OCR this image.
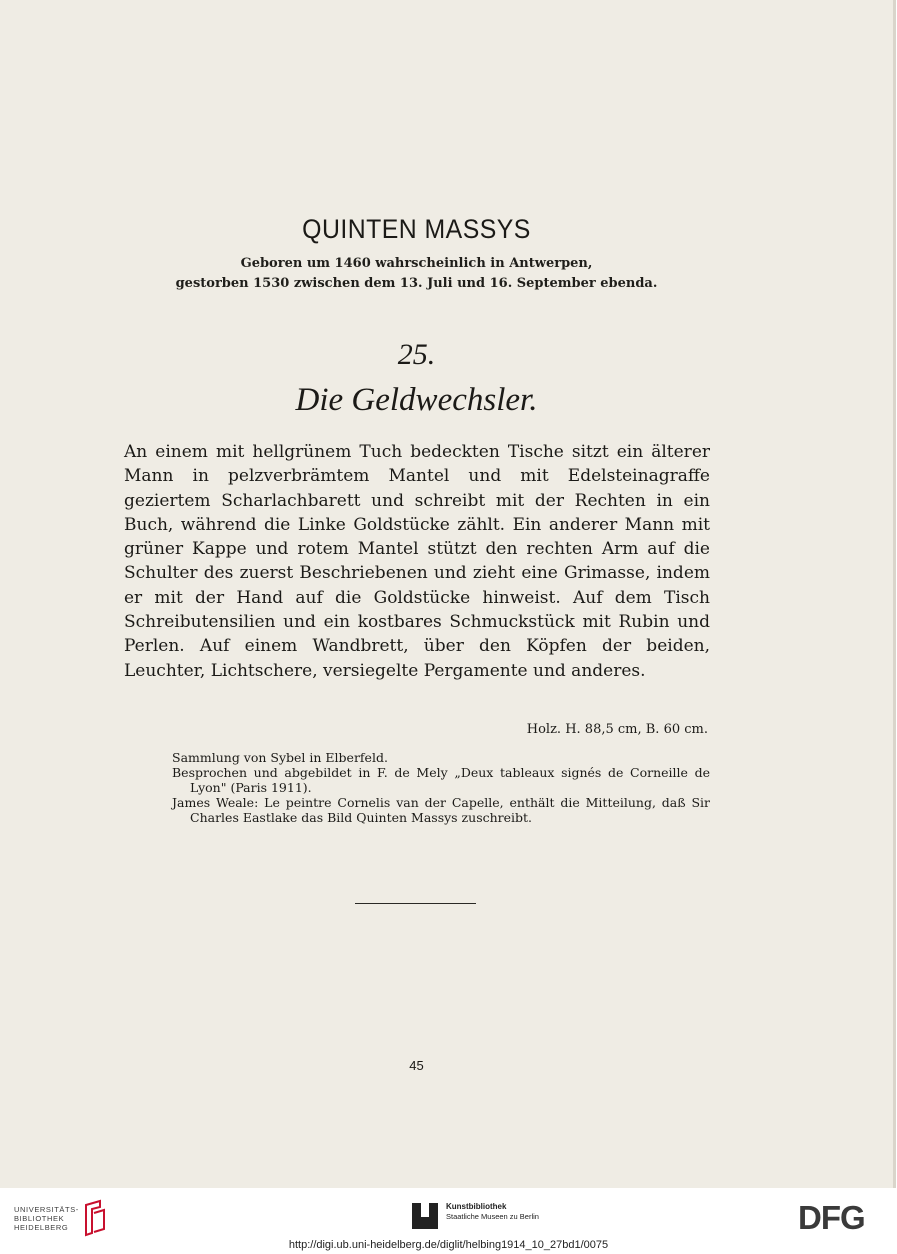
QUINTEN MASSYS
Geboren um 1460 wahrscheinlich in Antwerpen,
gestorben 1530 zwischen dem 13. Juli und 16. September ebenda.
25.
Die Geldwechsler.

An einem mit hellgrünem Tuch bedeckten Tische sitzt ein älterer Mann in pelzverbrämtem Mantel und mit Edelsteinagraffe geziertem Scharlachbarett und schreibt mit der Rechten in ein Buch, während die Linke Goldstücke zählt. Ein anderer Mann mit grüner Kappe und rotem Mantel stützt den rechten Arm auf die Schulter des zuerst Beschriebenen und zieht eine Grimasse, indem er mit der Hand auf die Goldstücke hinweist. Auf dem Tisch Schreibutensilien und ein kostbares Schmuckstück mit Rubin und Perlen. Auf einem Wandbrett, über den Köpfen der beiden, Leuchter, Lichtschere, versiegelte Pergamente und anderes.

Holz. H. 88,5 cm, B. 60 cm.
Sammlung von Sybel in Elberfeld.
Besprochen und abgebildet in F. de Mely „Deux tableaux signés de Corneille de Lyon" (Paris 1911).
James Weale: Le peintre Cornelis van der Capelle, enthält die Mitteilung, daß Sir Charles Eastlake das Bild Quinten Massys zuschreibt.
45
UNIVERSITÄTS-
BIBLIOTHEK
HEIDELBERG
Kunstbibliothek
Staatliche Museen zu Berlin	DFG
http://digi.ub.uni-heidelberg.de/diglit/helbing1914_10_27bd1/0075
